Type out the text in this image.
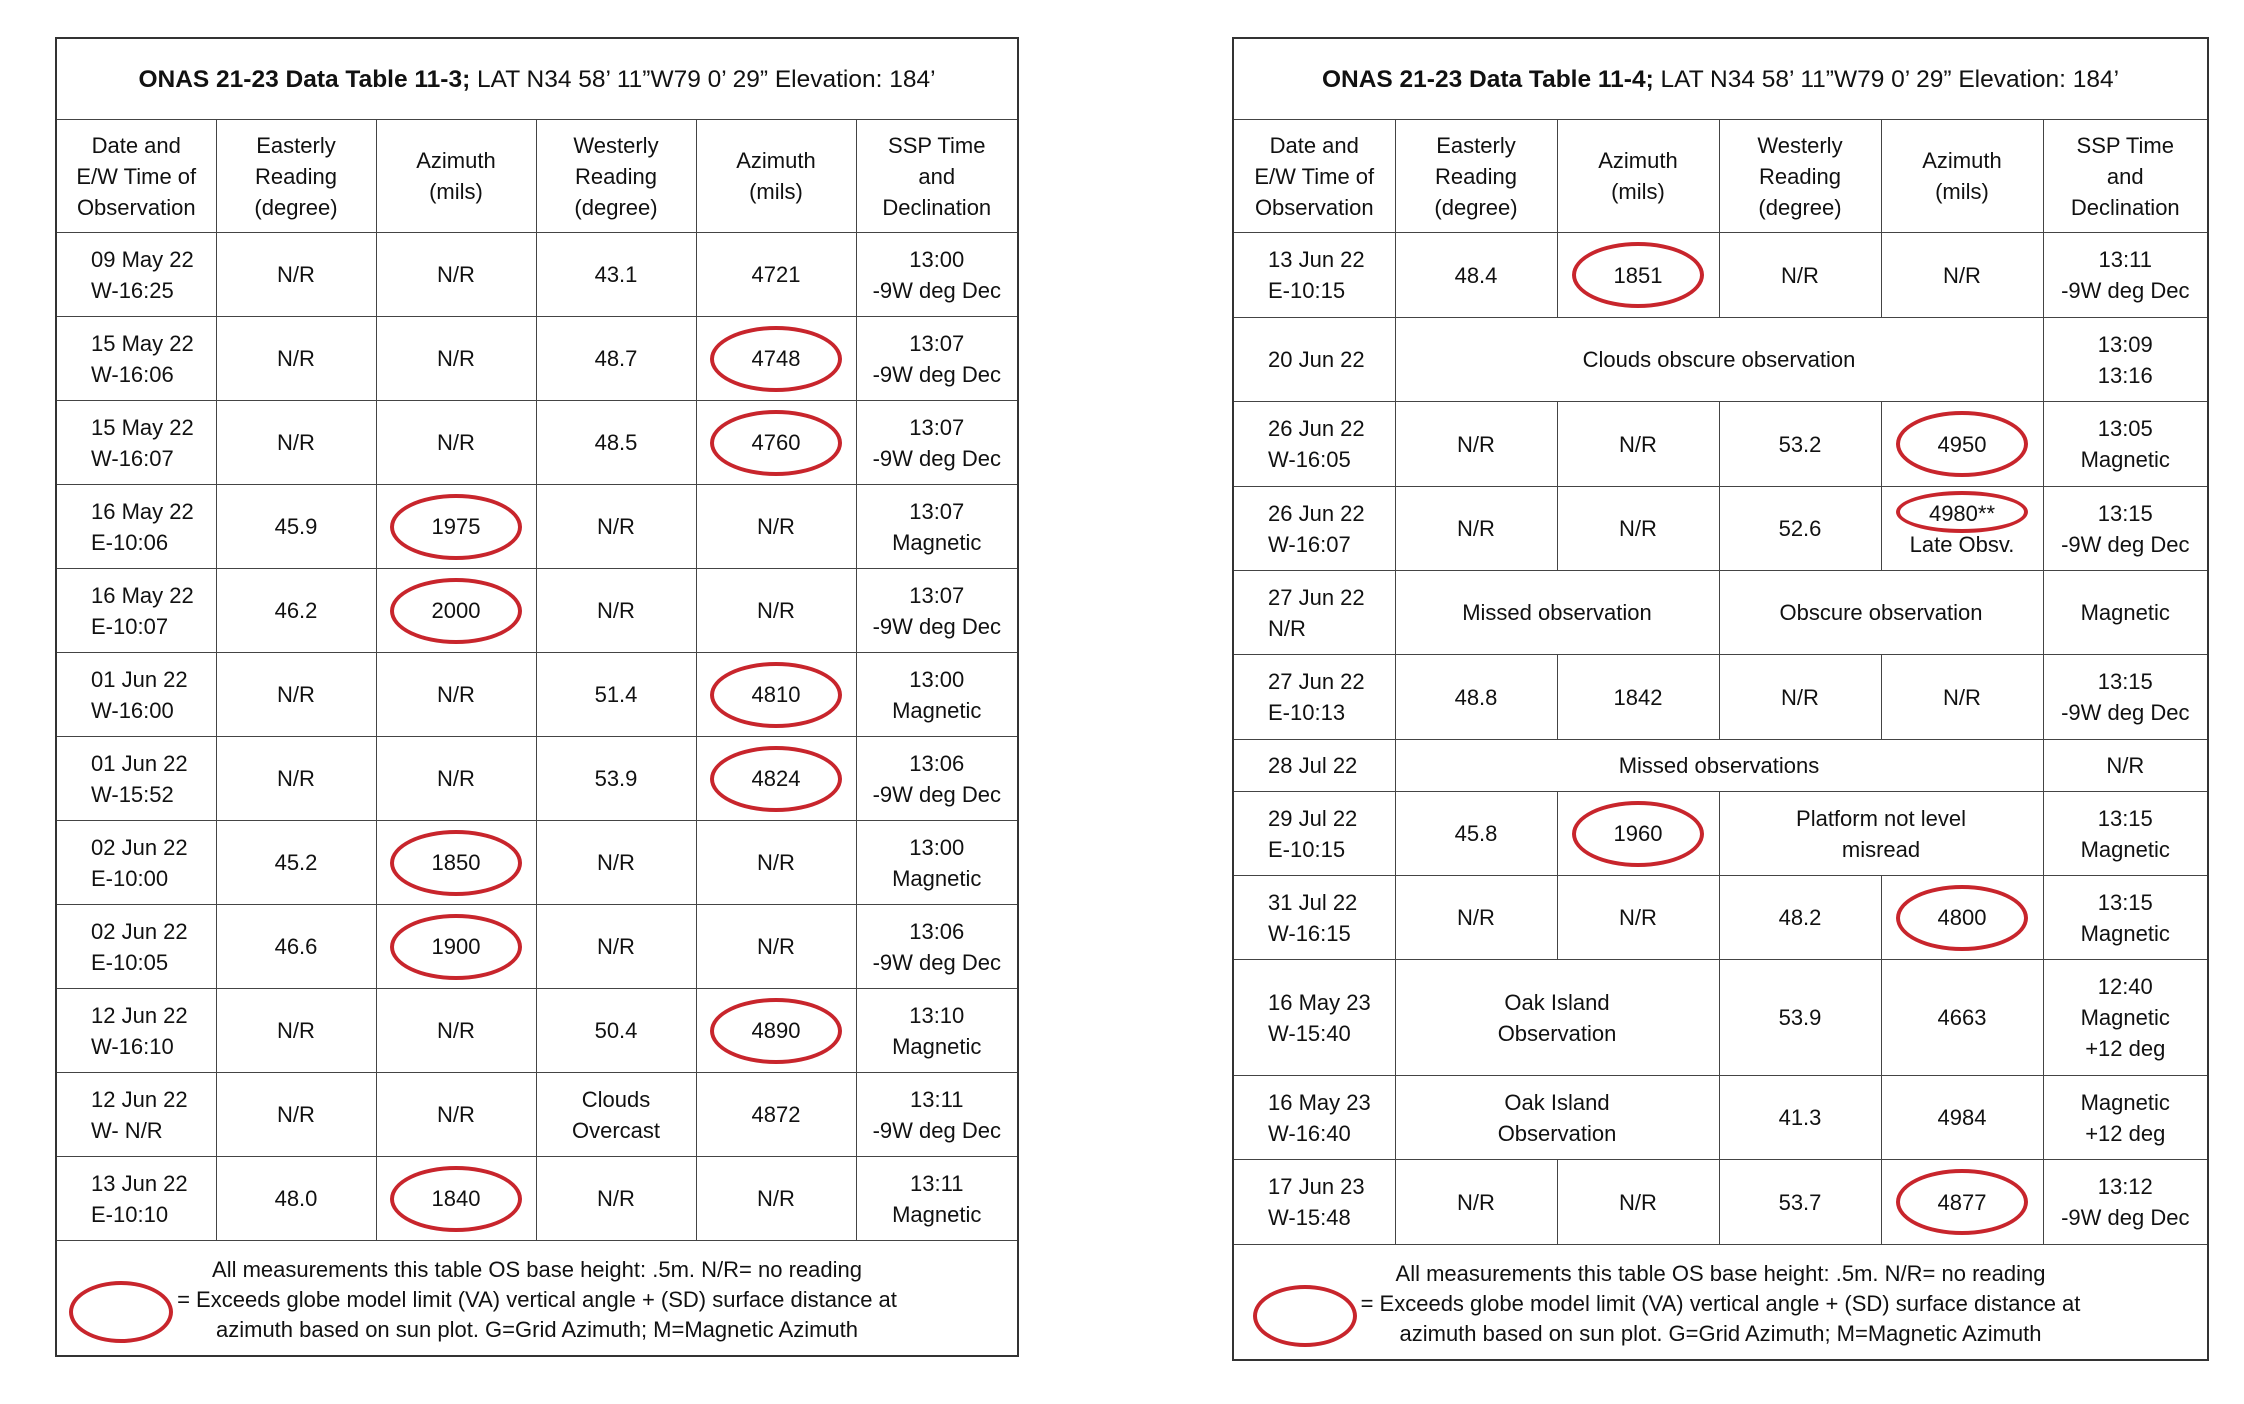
ONAS 21-23 Data Table 11-3; LAT N34 58’ 11”W79 0’ 29” Elevation: 184’					
Date and
E/W Time of
Observation	Easterly
Reading
(degree)	Azimuth
(mils)	Westerly
Reading
(degree)	Azimuth
(mils)	SSP Time
and
Declination
09 May 22
W-16:25	N/R	N/R	43.1	4721	13:00
-9W deg Dec
15 May 22
W-16:06	N/R	N/R	48.7	4748	13:07
-9W deg Dec
15 May 22
W-16:07	N/R	N/R	48.5	4760	13:07
-9W deg Dec
16 May 22
E-10:06	45.9	1975	N/R	N/R	13:07
Magnetic
16 May 22
E-10:07	46.2	2000	N/R	N/R	13:07
-9W deg Dec
01 Jun 22
W-16:00	N/R	N/R	51.4	4810	13:00
Magnetic
01 Jun 22
W-15:52	N/R	N/R	53.9	4824	13:06
-9W deg Dec
02 Jun 22
E-10:00	45.2	1850	N/R	N/R	13:00
Magnetic
02 Jun 22
E-10:05	46.6	1900	N/R	N/R	13:06
-9W deg Dec
12 Jun 22
W-16:10	N/R	N/R	50.4	4890	13:10
Magnetic
12 Jun 22
W- N/R	N/R	N/R	Clouds
Overcast	4872	13:11
-9W deg Dec
13 Jun 22
E-10:10	48.0	1840	N/R	N/R	13:11
Magnetic

All measurements this table OS base height: .5m. N/R= no reading
= Exceeds globe model limit (VA) vertical angle + (SD) surface distance at
azimuth based on sun plot. G=Grid Azimuth; M=Magnetic Azimuth					
ONAS 21-23 Data Table 11-4; LAT N34 58’ 11”W79 0’ 29” Elevation: 184’					
Date and
E/W Time of
Observation	Easterly
Reading
(degree)	Azimuth
(mils)	Westerly
Reading
(degree)	Azimuth
(mils)	SSP Time
and
Declination
13 Jun 22
E-10:15	48.4	1851	N/R	N/R	13:11
-9W deg Dec
20 Jun 22	Clouds obscure observation				13:09
13:16
26 Jun 22
W-16:05	N/R	N/R	53.2	4950	13:05
Magnetic
26 Jun 22
W-16:07	N/R	N/R	52.6	4980**
Late Obsv.	13:15
-9W deg Dec
27 Jun 22
N/R	Missed observation		Obscure observation		Magnetic
27 Jun 22
E-10:13	48.8	1842	N/R	N/R	13:15
-9W deg Dec
28 Jul 22	Missed observations				N/R
29 Jul 22
E-10:15	45.8	1960	Platform not level
misread		13:15
Magnetic
31 Jul 22
W-16:15	N/R	N/R	48.2	4800	13:15
Magnetic
16 May 23
W-15:40	Oak Island
Observation		53.9	4663	12:40
Magnetic
+12 deg
16 May 23
W-16:40	Oak Island
Observation		41.3	4984	Magnetic
+12 deg
17 Jun 23
W-15:48	N/R	N/R	53.7	4877	13:12
-9W deg Dec

All measurements this table OS base height: .5m. N/R= no reading
= Exceeds globe model limit (VA) vertical angle + (SD) surface distance at
azimuth based on sun plot. G=Grid Azimuth; M=Magnetic Azimuth					
